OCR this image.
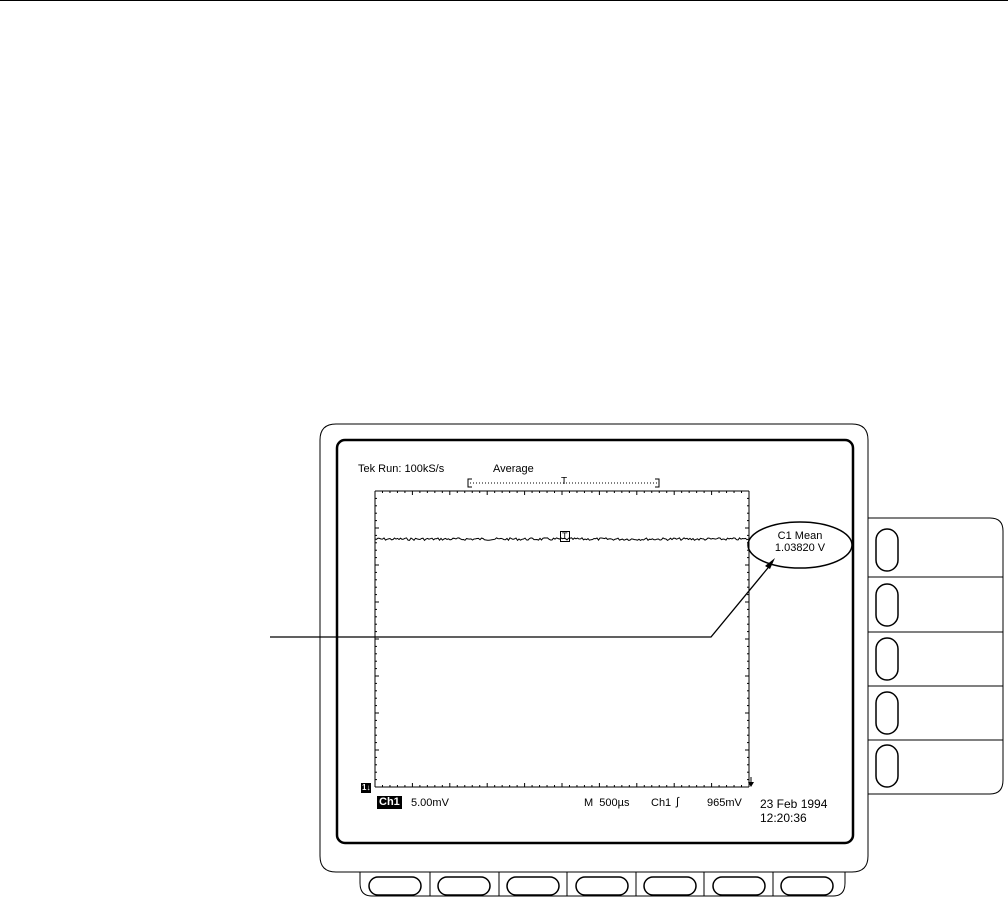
Tek Run: 100kS/s	Average
T
T	C1 Mean
1.03820 V
1↓
Ch1 5.00mV	M  500µs Ch1 ∫	965mV 23 Feb 1994
12:20:36
